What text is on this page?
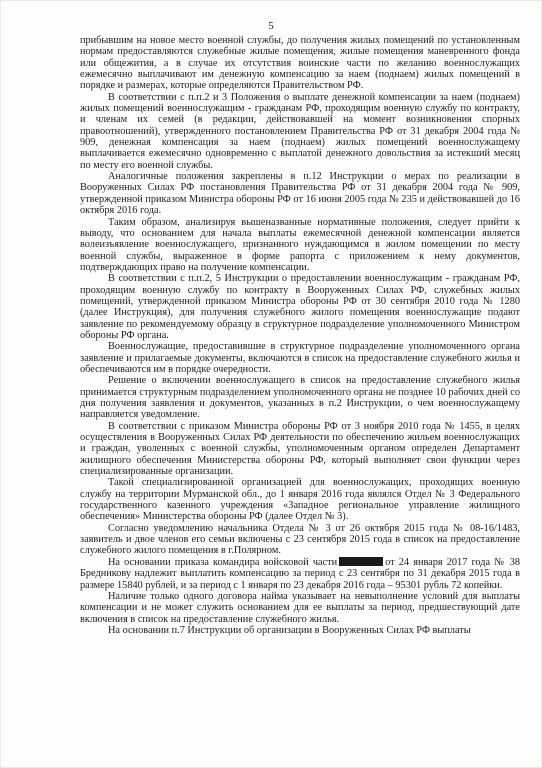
5

прибывшим на новое место военной службы, до получения жилых помещений по установленным нормам предоставляются служебные жилые помещения, жилые помещения маневренного фонда или общежития, а в случае их отсутствия воинские части по желанию военнослужащих ежемесячно выплачивают им денежную компенсацию за наем (поднаем) жилых помещений в порядке и размерах, которые определяются Правительством РФ.

В соответствии с п.п.2 и 3 Положения о выплате денежной компенсации за наем (поднаем) жилых помещений военнослужащим - гражданам РФ, проходящим военную службу по контракту, и членам их семей (в редакции, действовавшей на момент возникновения спорных правоотношений), утвержденного постановлением Правительства РФ от 31 декабря 2004 года № 909, денежная компенсация за наем (поднаем) жилых помещений военнослужащему выплачивается ежемесячно одновременно с выплатой денежного довольствия за истекший месяц по месту его военной службы.

Аналогичные положения закреплены в п.12 Инструкции о мерах по реализации в Вооруженных Силах РФ постановления Правительства РФ от 31 декабря 2004 года № 909, утвержденной приказом Министра обороны РФ от 16 июня 2005 года № 235 и действовавшей до 16 октября 2016 года.

Таким образом, анализируя вышеназванные нормативные положения, следует прийти к выводу, что основанием для начала выплаты ежемесячной денежной компенсации является волеизъявление военнослужащего, признанного нуждающимся в жилом помещении по месту военной службы, выраженное в форме рапорта с приложением к нему документов, подтверждающих право на получение компенсации.

В соответствии с п.п.2, 5 Инструкции о предоставлении военнослужащим - гражданам РФ, проходящим военную службу по контракту в Вооруженных Силах РФ, служебных жилых помещений, утвержденной приказом Министра обороны РФ от 30 сентября 2010 года № 1280 (далее Инструкция), для получения служебного жилого помещения военнослужащие подают заявление по рекомендуемому образцу в структурное подразделение уполномоченного Министром обороны РФ органа.

Военнослужащие, предоставившие в структурное подразделение уполномоченного органа заявление и прилагаемые документы, включаются в список на предоставление служебного жилья и обеспечиваются им в порядке очередности.

Решение о включении военнослужащего в список на предоставление служебного жилья принимается структурным подразделением уполномоченного органа не позднее 10 рабочих дней со дня получения заявления и документов, указанных в п.2 Инструкции, о чем военнослужащему направляется уведомление.

В соответствии с приказом Министра обороны РФ от 3 ноября 2010 года № 1455, в целях осуществления в Вооруженных Силах РФ деятельности по обеспечению жильем военнослужащих и граждан, уволенных с военной службы, уполномоченным органом определен Департамент жилищного обеспечения Министерства обороны РФ, который выполняет свои функции через специализированные организации.

Такой специализированной организацией для военнослужащих, проходящих военную службу на территории Мурманской обл., до 1 января 2016 года являлся Отдел № 3 Федерального государственного казенного учреждения «Западное региональное управление жилищного обеспечения» Министерства обороны РФ (далее Отдел № 3).

Согласно уведомлению начальника Отдела № 3 от 26 октября 2015 года № 08-16/1483, заявитель и двое членов его семьи включены с 23 сентября 2015 года в список на предоставление служебного жилого помещения в г.Полярном.

На основании приказа командира войсковой части	от 24 января 2017 года № 38 Бредникову надлежит выплатить компенсацию за период с 23 сентября по 31 декабря 2015 года в размере 15840 рублей, и за период с 1 января по 23 декабря 2016 года – 95301 рубль 72 копейки.

Наличие только одного договора найма указывает на невыполнение условий для выплаты компенсации и не может служить основанием для ее выплаты за период, предшествующий дате включения в список на предоставление служебного жилья.

На основании п.7 Инструкции об организации в Вооруженных Силах РФ выплаты
